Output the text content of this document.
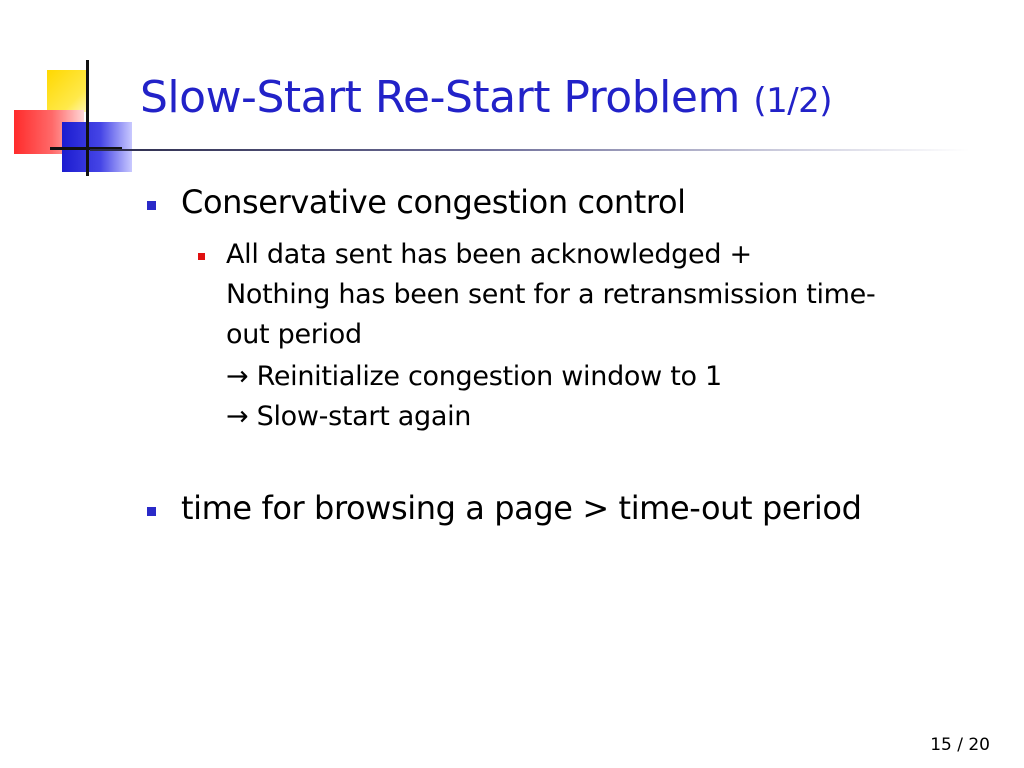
Slow-Start Re-Start Problem (1/2)
Conservative congestion control
All data sent has been acknowledged +
Nothing has been sent for a retransmission time-
out period
→ Reinitialize congestion window to 1
→ Slow-start again
time for browsing a page > time-out period
15 / 20
